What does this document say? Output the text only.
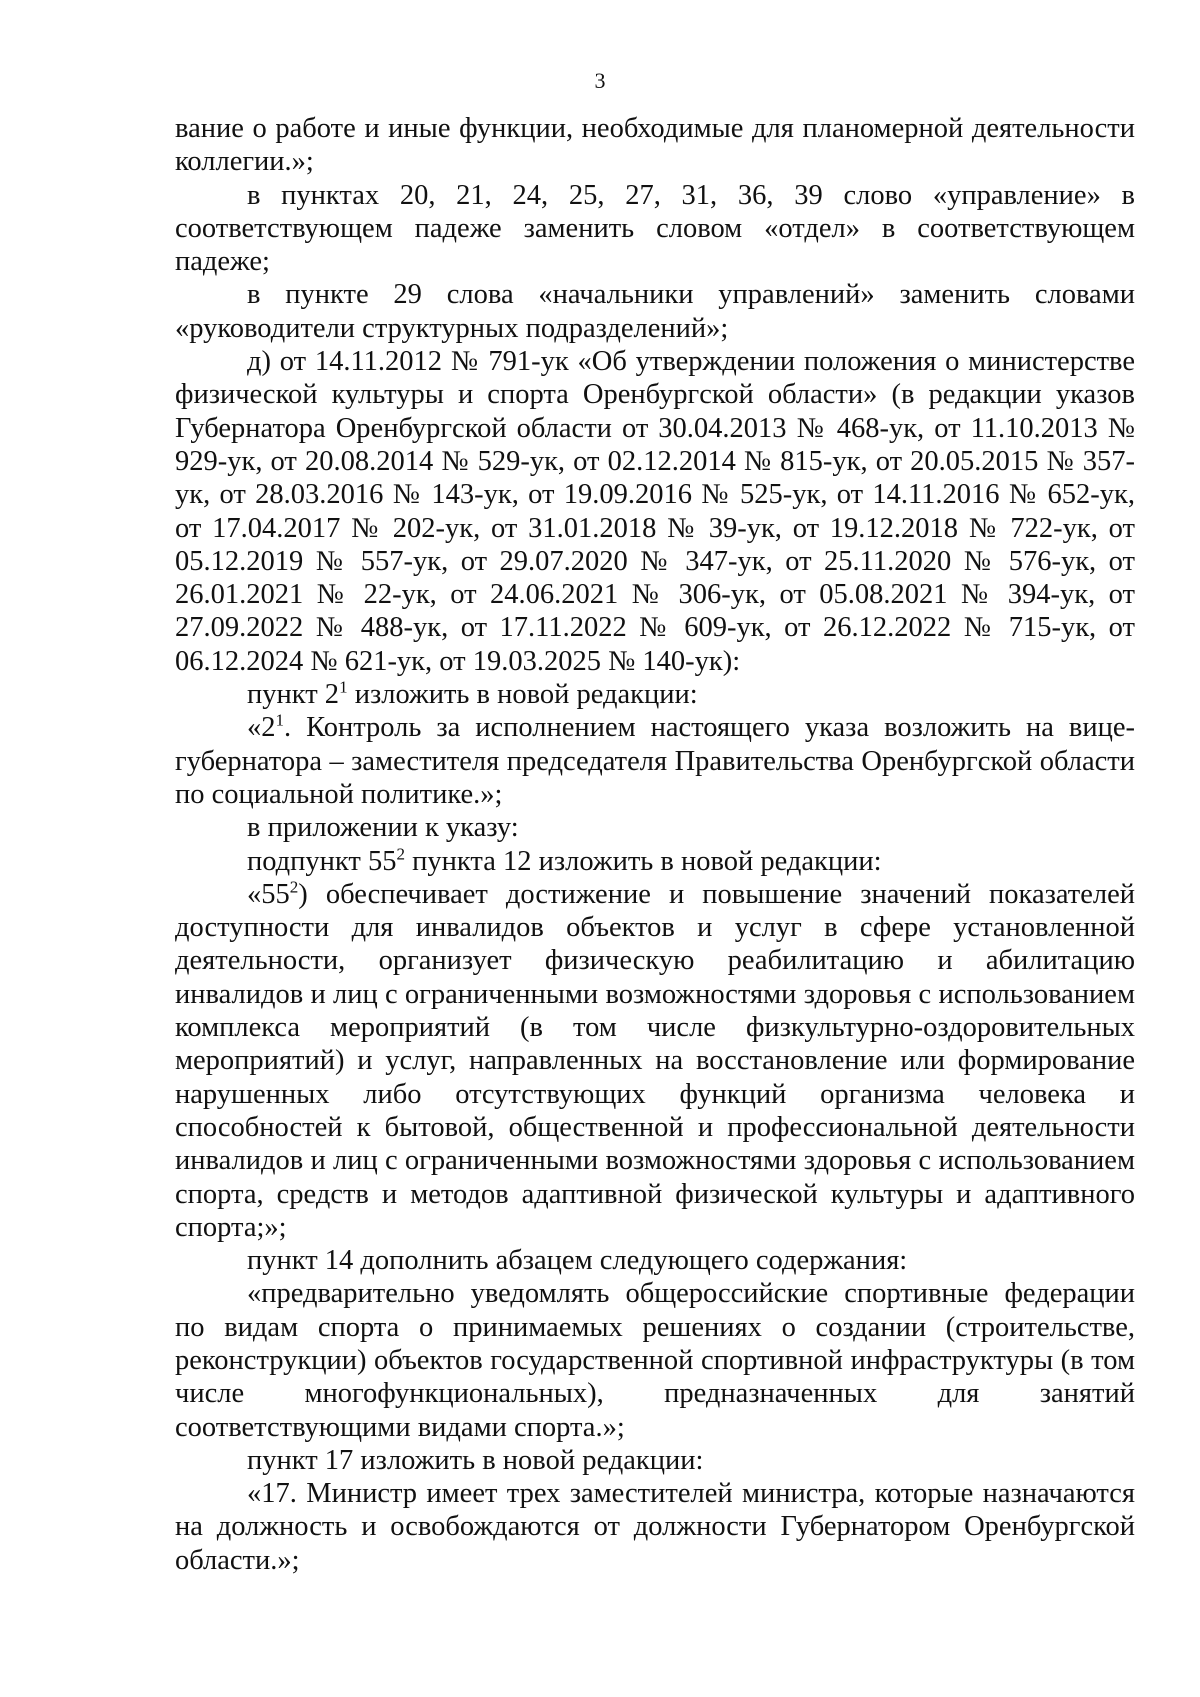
3

вание о работе и иные функции, необходимые для планомерной деятельности коллегии.»;

в пунктах 20, 21, 24, 25, 27, 31, 36, 39 слово «управление» в соответствующем падеже заменить словом «отдел» в соответствующем падеже;

в пункте 29 слова «начальники управлений» заменить словами «руководители структурных подразделений»;

д) от 14.11.2012 № 791-ук «Об утверждении положения о министерстве физической культуры и спорта Оренбургской области» (в редакции указов Губернатора Оренбургской области от 30.04.2013 № 468-ук, от 11.10.2013 № 929-ук, от 20.08.2014 № 529-ук, от 02.12.2014 № 815-ук, от 20.05.2015 № 357-ук, от 28.03.2016 № 143-ук, от 19.09.2016 № 525-ук, от 14.11.2016 № 652-ук, от 17.04.2017 № 202-ук, от 31.01.2018 № 39-ук, от 19.12.2018 № 722-ук, от 05.12.2019 № 557-ук, от 29.07.2020 № 347-ук, от 25.11.2020 № 576-ук, от 26.01.2021 № 22-ук, от 24.06.2021 № 306-ук, от 05.08.2021 № 394-ук, от 27.09.2022 № 488-ук, от 17.11.2022 № 609-ук, от 26.12.2022 № 715-ук, от 06.12.2024 № 621-ук, от 19.03.2025 № 140-ук):

пункт $2^1$ изложить в новой редакции:

«$2^1$. Контроль за исполнением настоящего указа возложить на вице-губернатора – заместителя председателя Правительства Оренбургской области по социальной политике.»;

в приложении к указу:

подпункт $55^2$ пункта 12 изложить в новой редакции:

«$55^2$) обеспечивает достижение и повышение значений показателей доступности для инвалидов объектов и услуг в сфере установленной деятельности, организует физическую реабилитацию и абилитацию инвалидов и лиц с ограниченными возможностями здоровья с использованием комплекса мероприятий (в том числе физкультурно-оздоровительных мероприятий) и услуг, направленных на восстановление или формирование нарушенных либо отсутствующих функций организма человека и способностей к бытовой, общественной и профессиональной деятельности инвалидов и лиц с ограниченными возможностями здоровья с использованием спорта, средств и методов адаптивной физической культуры и адаптивного спорта;»;

пункт 14 дополнить абзацем следующего содержания:

«предварительно уведомлять общероссийские спортивные федерации по видам спорта о принимаемых решениях о создании (строительстве, реконструкции) объектов государственной спортивной инфраструктуры (в том числе многофункциональных), предназначенных для занятий соответствующими видами спорта.»;

пункт 17 изложить в новой редакции:

«17. Министр имеет трех заместителей министра, которые назначаются на должность и освобождаются от должности Губернатором Оренбургской области.»;
